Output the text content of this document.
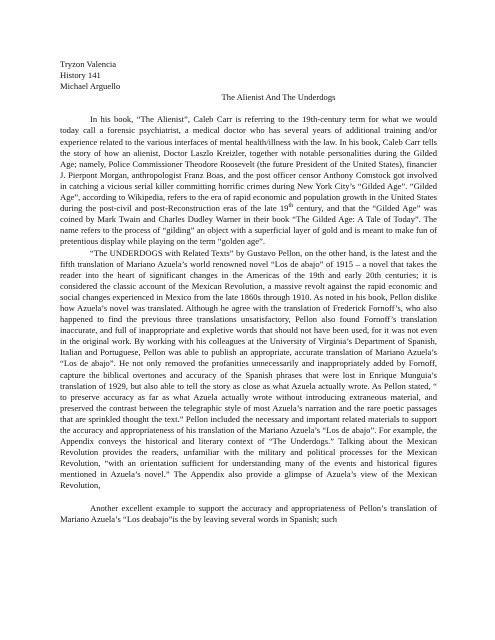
Tryzon Valencia
History 141
Michael Arguello
The Alienist And The Underdogs

In his book, “The Alienist”, Caleb Carr is referring to the 19th-century term for what we would today call a forensic psychiatrist, a medical doctor who has several years of additional training and/or experience related to the various interfaces of mental health/illness with the law. In his book, Caleb Carr tells the story of how an alienist, Doctor Laszlo Kreizler, together with notable personalities during the Gilded Age; namely, Police Commissioner Theodore Roosevelt (the future President of the United States), financier J. Pierpont Morgan, anthropologist Franz Boas, and the post officer censor Anthony Comstock got involved in catching a vicious serial killer committing horrific crimes during New York City’s “Gilded Age”. “Gilded Age”, according to Wikipedia, refers to the era of rapid economic and population growth in the United States during the post-civil and post-Reconstruction eras of the late 19th century, and that the “Gilded Age” was coined by Mark Twain and Charles Dudley Warner in their book “The Gilded Age: A Tale of Today”. The name refers to the process of “gilding” an object with a superficial layer of gold and is meant to make fun of pretentious display while playing on the term “golden age”.

“The UNDERDOGS with Related Texts” by Gustavo Pellon, on the other hand, is the latest and the fifth translation of Mariano Azuela’s world renowned novel “Los de abajo” of 1915 – a novel that takes the reader into the heart of significant changes in the Americas of the 19th and early 20th centuries; it is considered the classic account of the Mexican Revolution, a massive revolt against the rapid economic and social changes experienced in Mexico from the late 1860s through 1910. As noted in his book, Pellon dislike how Azuela’s novel was translated. Although he agree with the translation of Frederick Fornoff’s, who also happened to find the previous three translations unsatisfactory, Pellon also found Fornoff’s translation inaccurate, and full of inappropriate and expletive words that should not have been used, for it was not even in the original work. By working with his colleagues at the University of Virginia’s Department of Spanish, Italian and Portuguese, Pellon was able to publish an appropriate, accurate translation of Mariano Azuela’s “Los de abajo”. He not only removed the profanities unnecessarily and inappropriately added by Fornoff, capture the biblical overtones and accuracy of the Spanish phrases that were lost in Enrique Munguia’s translation of 1929, but also able to tell the story as close as what Azuela actually wrote. As Pellon stated, “ to preserve accuracy as far as what Azuela actually wrote without introducing extraneous material, and preserved the contrast between the telegraphic style of most Azuela’s narration and the rare poetic passages that are sprinkled thought the text.” Pellon included the necessary and important related materials to support the accuracy and appropriateness of his translation of the Mariano Azuela’s “Los de abajo”. For example, the Appendix conveys the historical and literary context of “The Underdogs.” Talking about the Mexican Revolution provides the readers, unfamiliar with the military and political processes for the Mexican Revolution, “with an orientation sufficient for understanding many of the events and historical figures mentioned in Azuela’s novel.” The Appendix also provide a glimpse of Azuela’s view of the Mexican Revolution,

Another excellent example to support the accuracy and appropriateness of Pellon’s translation of Mariano Azuela’s “Los deabajo”is the by leaving several words in Spanish; such
